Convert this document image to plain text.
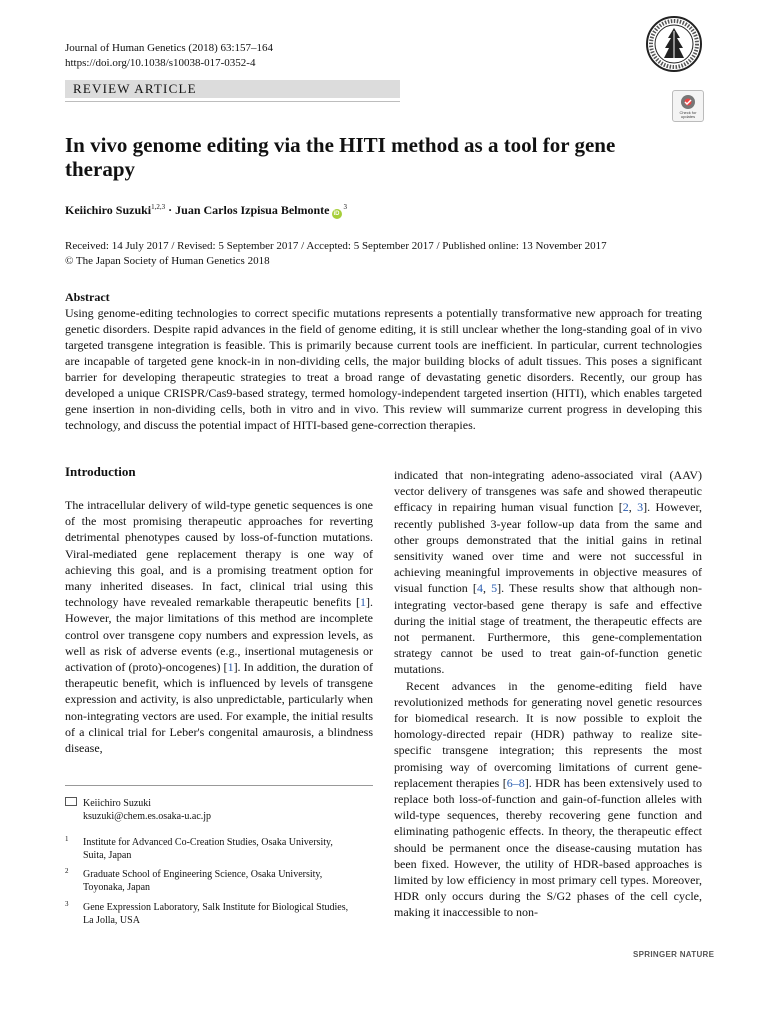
Journal of Human Genetics (2018) 63:157–164
https://doi.org/10.1038/s10038-017-0352-4
REVIEW ARTICLE
Check for updates
In vivo genome editing via the HITI method as a tool for gene therapy
Keiichiro Suzuki$^{1,2,3}$ · Juan Carlos Izpisua Belmonte $iD^3$
Received: 14 July 2017 / Revised: 5 September 2017 / Accepted: 5 September 2017 / Published online: 13 November 2017
© The Japan Society of Human Genetics 2018
Abstract
Using genome-editing technologies to correct specific mutations represents a potentially transformative new approach for treating genetic disorders. Despite rapid advances in the field of genome editing, it is still unclear whether the long-standing goal of in vivo targeted transgene integration is feasible. This is primarily because current tools are inefficient. In particular, current technologies are incapable of targeted gene knock-in in non-dividing cells, the major building blocks of adult tissues. This poses a significant barrier for developing therapeutic strategies to treat a broad range of devastating genetic disorders. Recently, our group has developed a unique CRISPR/Cas9-based strategy, termed homology-independent targeted insertion (HITI), which enables targeted gene insertion in non-dividing cells, both in vitro and in vivo. This review will summarize current progress in developing this technology, and discuss the potential impact of HITI-based gene-correction therapies.
Introduction

The intracellular delivery of wild-type genetic sequences is one of the most promising therapeutic approaches for reverting detrimental phenotypes caused by loss-of-function mutations. Viral-mediated gene replacement therapy is one way of achieving this goal, and is a promising treatment option for many inherited diseases. In fact, clinical trial using this technology have revealed remarkable therapeutic benefits [1]. However, the major limitations of this method are incomplete control over transgene copy numbers and expression levels, as well as risk of adverse events (e.g., insertional mutagenesis or activation of (proto)-oncogenes) [1]. In addition, the duration of therapeutic benefit, which is influenced by levels of transgene expression and activity, is also unpredictable, particularly when non-integrating vectors are used. For example, the initial results of a clinical trial for Leber's congenital amaurosis, a blindness disease,

indicated that non-integrating adeno-associated viral (AAV) vector delivery of transgenes was safe and showed therapeutic efficacy in repairing human visual function [2, 3]. However, recently published 3-year follow-up data from the same and other groups demonstrated that the initial gains in retinal sensitivity waned over time and were not successful in achieving meaningful improvements in objective measures of visual function [4, 5]. These results show that although non-integrating vector-based gene therapy is safe and effective during the initial stage of treatment, the therapeutic effects are not permanent. Furthermore, this gene-complementation strategy cannot be used to treat gain-of-function genetic mutations.

Recent advances in the genome-editing field have revolutionized methods for generating novel genetic resources for biomedical research. It is now possible to exploit the homology-directed repair (HDR) pathway to realize site-specific transgene integration; this represents the most promising way of overcoming limitations of current gene-replacement therapies [6–8]. HDR has been extensively used to replace both loss-of-function and gain-of-function alleles with wild-type sequences, thereby recovering gene function and eliminating pathogenic effects. In theory, the therapeutic effect should be permanent once the disease-causing mutation has been fixed. However, the utility of HDR-based approaches is limited by low efficiency in most primary cell types. Moreover, HDR only occurs during the S/G2 phases of the cell cycle, making it inaccessible to non-

Keiichiro Suzuki
ksuzuki@chem.es.osaka-u.ac.jp
1 Institute for Advanced Co-Creation Studies, Osaka University,
Suita, Japan
2 Graduate School of Engineering Science, Osaka University,
Toyonaka, Japan
3 Gene Expression Laboratory, Salk Institute for Biological Studies,
La Jolla, USA
SPRINGER NATURE
